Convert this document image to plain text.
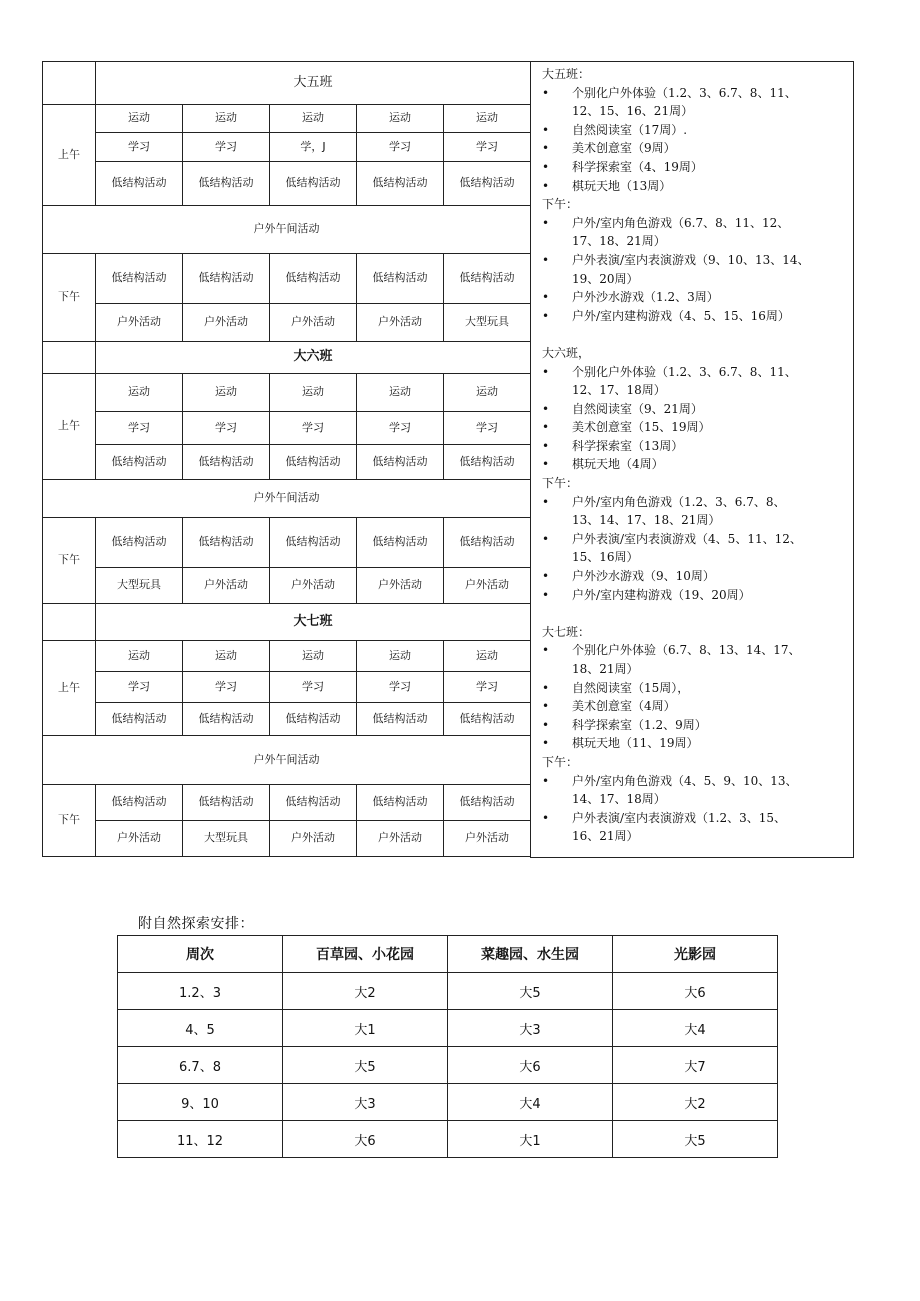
	大五班				
上午	运动	运动	运动	运动	运动
	学习	学习	学，J	学习	学习
	低结构活动	低结构活动	低结构活动	低结构活动	低结构活动
户外午间活动					
下午	低结构活动	低结构活动	低结构活动	低结构活动	低结构活动
	户外活动	户外活动	户外活动	户外活动	大型玩具
	大六班				
上午	运动	运动	运动	运动	运动
	学习	学习	学习	学习	学习
	低结构活动	低结构活动	低结构活动	低结构活动	低结构活动
户外午间活动					
下午	低结构活动	低结构活动	低结构活动	低结构活动	低结构活动
	大型玩具	户外活动	户外活动	户外活动	户外活动
	大七班				
上午	运动	运动	运动	运动	运动
	学习	学习	学习	学习	学习
	低结构活动	低结构活动	低结构活动	低结构活动	低结构活动
户外午间活动					
下午	低结构活动	低结构活动	低结构活动	低结构活动	低结构活动
	户外活动	大型玩具	户外活动	户外活动	户外活动
大五班：
• 个别化户外体验（1.2、3、6.7、8、11、
12、15、16、21周）
• 自然阅读室（17周）.
• 美术创意室（9周）
• 科学探索室（4、19周）
• 棋玩天地（13周）
下午：
• 户外/室内角色游戏（6.7、8、11、12、
17、18、21周）
• 户外表演/室内表演游戏（9、10、13、14、
19、20周）
• 户外沙水游戏（1.2、3周）
• 户外/室内建构游戏（4、5、15、16周）
大六班，
• 个别化户外体验（1.2、3、6.7、8、11、
12、17、18周）
• 自然阅读室（9、21周）
• 美术创意室（15、19周）
• 科学探索室（13周）
• 棋玩天地（4周）
下午：
• 户外/室内角色游戏（1.2、3、6.7、8、
13、14、17、18、21周）
• 户外表演/室内表演游戏（4、5、11、12、
15、16周）
• 户外沙水游戏（9、10周）
• 户外/室内建构游戏（19、20周）
大七班：
• 个别化户外体验（6.7、8、13、14、17、
18、21周）
• 自然阅读室（15周），
• 美术创意室（4周）
• 科学探索室（1.2、9周）
• 棋玩天地（11、19周）
下午：
• 户外/室内角色游戏（4、5、9、10、13、
14、17、18周）
• 户外表演/室内表演游戏（1.2、3、15、
16、21周）
附自然探索安排：
周次	百草园、小花园	菜趣园、水生园	光影园
1.2、3	大2	大5	大6
4、5	大1	大3	大4
6.7、8	大5	大6	大7
9、10	大3	大4	大2
11、12	大6	大1	大5
